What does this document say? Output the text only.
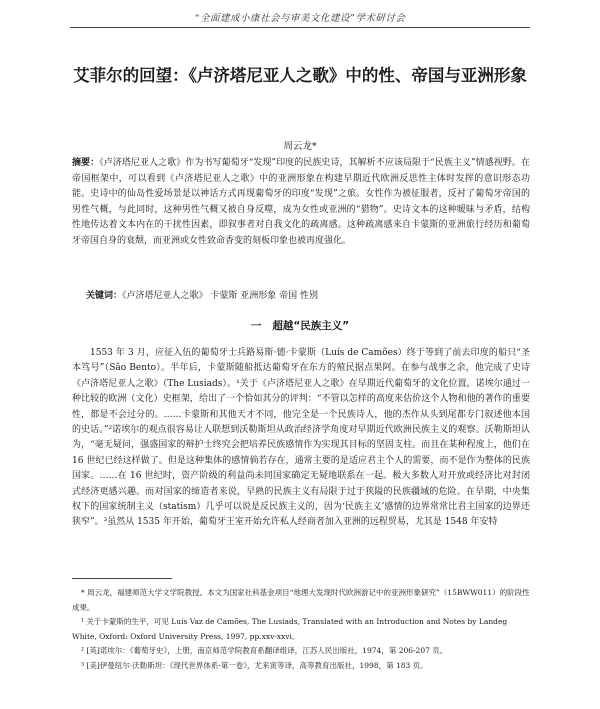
“全面建成小康社会与审美文化建设”学术研讨会
艾菲尔的回望：《卢济塔尼亚人之歌》中的性、帝国与亚洲形象
周云龙*
摘要：《卢济塔尼亚人之歌》作为书写葡萄牙“发现”印度的民族史诗，其解析不应该局限于“民族主义”情感视野。在帝国框架中，可以看到《卢济塔尼亚人之歌》中的亚洲形象在构建早期近代欧洲反思性主体时发挥的意识形态功能。史诗中的仙岛性爱场景是以神话方式再现葡萄牙的印度“发现”之旅。女性作为被征服者，反衬了葡萄牙帝国的男性气概，与此同时，这种男性气概又被自身反噬，成为女性或亚洲的“猎物”。史诗文本的这种暧昧与矛盾，结构性地传达着文本内在的干扰性因素，即叙事者对自我文化的疏离感。这种疏离感来自卡蒙斯的亚洲旅行经历和葡萄牙帝国自身的衰颓，而亚洲或女性致命香变的刻板印象也被再度强化。
关键词：《卢济塔尼亚人之歌》 卡蒙斯 亚洲形象 帝国 性别
一 超越“民族主义”

1553 年 3 月，应征入伍的葡萄牙士兵路易斯·德·卡蒙斯（Luís de Camões）终于等到了前去印度的船只“圣本笃号”（São Bento）。半年后，卡蒙斯随船抵达葡萄牙在东方的殖民据点果阿。在参与战事之余，他完成了史诗《卢济塔尼亚人之歌》（The Lusiads）。¹关于《卢济塔尼亚人之歌》在早期近代葡萄牙的文化位置，诺埃尔通过一种比较的欧洲（文化）史框架，给出了一个恰如其分的评判：“不管以怎样的高度来估价这个人物和他的著作的重要性，都是不会过分的。……卡蒙斯和其他天才不同，他完全是一个民族诗人，他的杰作从头到尾都专门叙述他本国的史话。”²诺埃尔的观点很容易让人联想到沃勒斯坦从政治经济学角度对早期近代欧洲民族主义的观察。沃勒斯坦认为，“毫无疑问，强盛国家的辩护士终究会把培养民族感情作为实现其目标的坚固支柱。而且在某种程度上，他们在 16 世纪已经这样做了。但是这种集体的感情倘若存在，通常主要的是适应君主个人的需要，而不是作为整体的民族国家。……在 16 世纪时，资产阶级的利益尚未同国家确定无疑地联系在一起。极大多数人对开放或经济比对封闭式经济更感兴趣。而对国家的缔造者来说，早熟的民族主义有局限于过于狭隘的民族疆域的危险。在早期，中央集权下的国家统制主义（statism）几乎可以说是反民族主义的，因为‘民族主义’感情的边界常常比君主国家的边界还狭窄”。³虽然从 1535 年开始，葡萄牙王室开始允许私人经商者加入亚洲的远程贸易，尤其是 1548 年安特

* 周云龙，福建师范大学文学院教授。本文为国家社科基金项目“地理大发现时代欧洲游记中的亚洲形象研究”（15BWW011）的阶段性成果。

¹ 关于卡蒙斯的生平，可见 Luís Vaz de Camões, The Lusiads, Translated with an Introduction and Notes by Landeg White, Oxford: Oxford University Press, 1997, pp.xxv-xxvi。

² [英]诺埃尔：《葡萄牙史》，上册，南京师范学院教育系翻译组译，江苏人民出版社，1974，第 206-207 页。

³ [美]伊曼纽尔·沃勒斯坦：《现代世界体系·第一卷》，尤来寅等译，高等教育出版社，1998，第 183 页。
